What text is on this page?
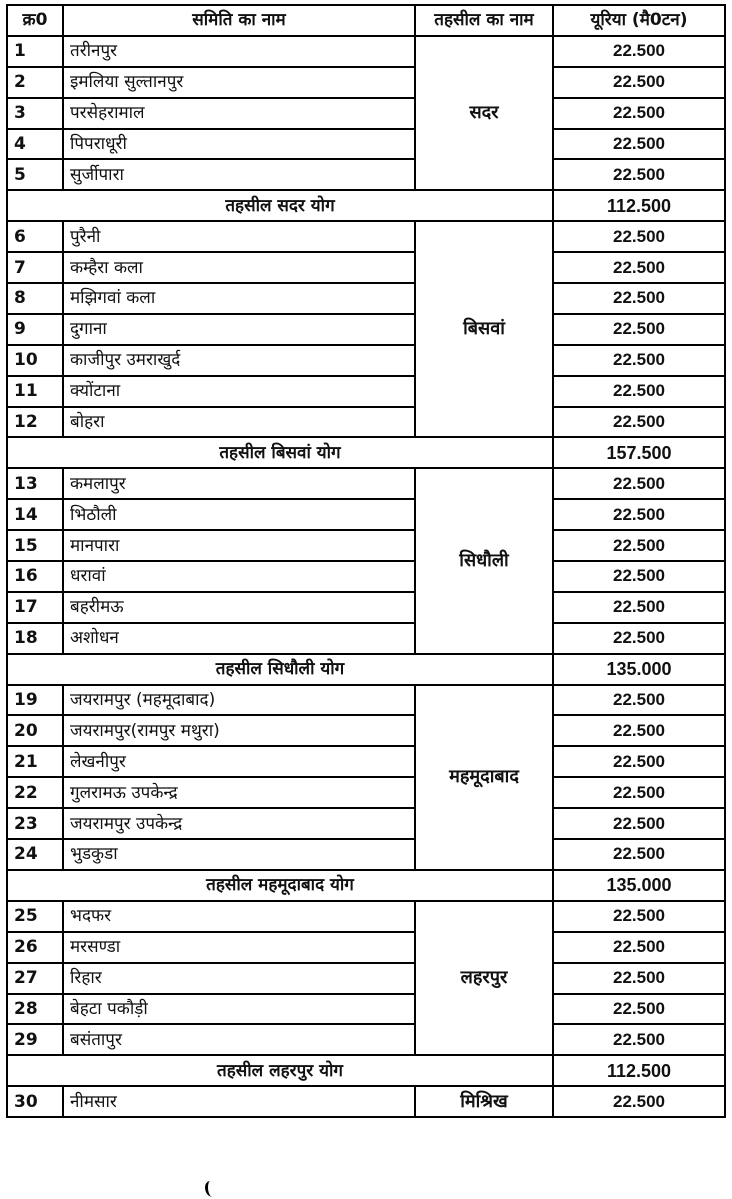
क्र0	समिति का नाम	तहसील का नाम	यूरिया (मै0टन)
1	तरीनपुर	सदर	22.500
2	इमलिया सुल्तानपुर		22.500
3	परसेहरामाल		22.500
4	पिपराधूरी		22.500
5	सुर्जीपारा		22.500
तहसील सदर योग			112.500
6	पुरैनी	बिसवां	22.500
7	कम्हैरा कला		22.500
8	मझिगवां कला		22.500
9	दुगाना		22.500
10	काजीपुर उमराखुर्द		22.500
11	क्योंटाना		22.500
12	बोहरा		22.500
तहसील बिसवां योग			157.500
13	कमलापुर	सिधौली	22.500
14	भिठौली		22.500
15	मानपारा		22.500
16	धरावां		22.500
17	बहरीमऊ		22.500
18	अशोधन		22.500
तहसील सिधौली योग			135.000
19	जयरामपुर (महमूदाबाद)	महमूदाबाद	22.500
20	जयरामपुर(रामपुर मथुरा)		22.500
21	लेखनीपुर		22.500
22	गुलरामऊ उपकेन्द्र		22.500
23	जयरामपुर उपकेन्द्र		22.500
24	भुडकुडा		22.500
तहसील महमूदाबाद योग			135.000
25	भदफर	लहरपुर	22.500
26	मरसण्डा		22.500
27	रिहार		22.500
28	बेहटा पकौड़ी		22.500
29	बसंतापुर		22.500
तहसील लहरपुर योग			112.500
30	नीमसार	मिश्रिख	22.500
